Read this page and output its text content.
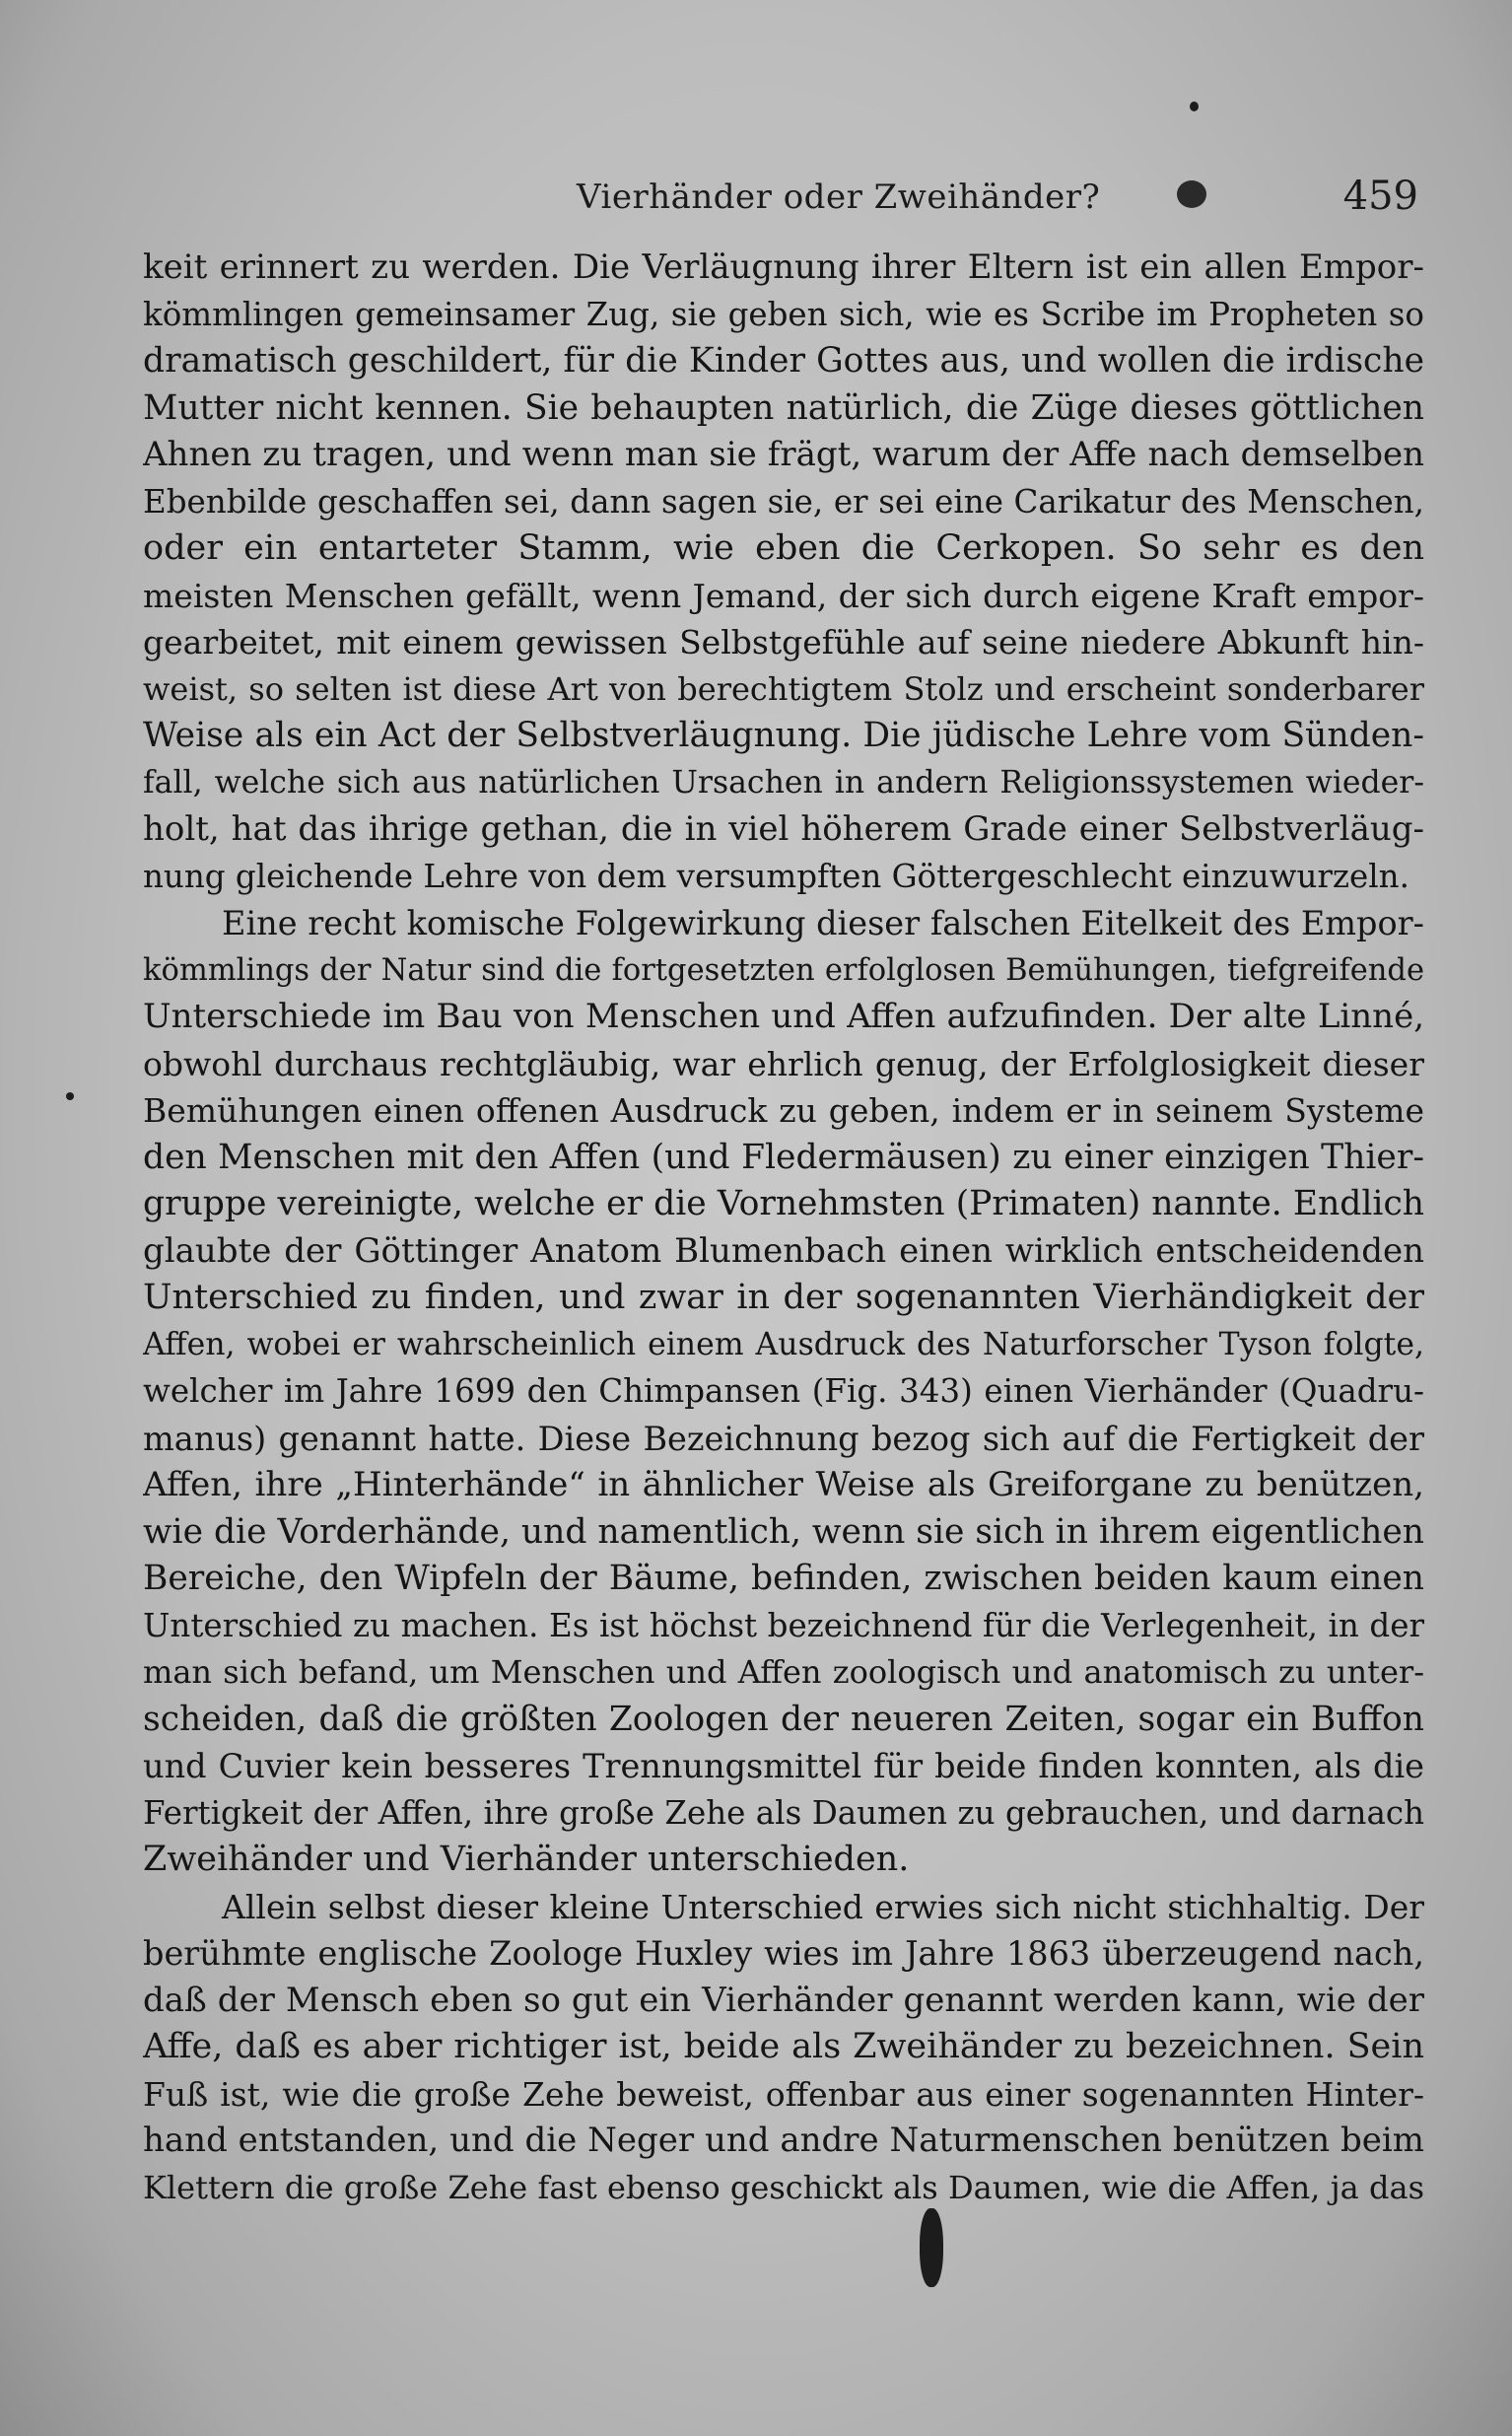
Vierhänder oder Zweihänder?	459
keit erinnert zu werden. Die Verläugnung ihrer Eltern ist ein allen Empor-
kömmlingen gemeinsamer Zug, sie geben sich, wie es Scribe im Propheten so
dramatisch geschildert, für die Kinder Gottes aus, und wollen die irdische
Mutter nicht kennen. Sie behaupten natürlich, die Züge dieses göttlichen
Ahnen zu tragen, und wenn man sie frägt, warum der Affe nach demselben
Ebenbilde geschaffen sei, dann sagen sie, er sei eine Carikatur des Menschen,
oder ein entarteter Stamm, wie eben die Cerkopen. So sehr es den
meisten Menschen gefällt, wenn Jemand, der sich durch eigene Kraft empor-
gearbeitet, mit einem gewissen Selbstgefühle auf seine niedere Abkunft hin-
weist, so selten ist diese Art von berechtigtem Stolz und erscheint sonderbarer
Weise als ein Act der Selbstverläugnung. Die jüdische Lehre vom Sünden-
fall, welche sich aus natürlichen Ursachen in andern Religionssystemen wieder-
holt, hat das ihrige gethan, die in viel höherem Grade einer Selbstverläug-
nung gleichende Lehre von dem versumpften Göttergeschlecht einzuwurzeln.
Eine recht komische Folgewirkung dieser falschen Eitelkeit des Empor-
kömmlings der Natur sind die fortgesetzten erfolglosen Bemühungen, tiefgreifende
Unterschiede im Bau von Menschen und Affen aufzufinden. Der alte Linné,
obwohl durchaus rechtgläubig, war ehrlich genug, der Erfolglosigkeit dieser
Bemühungen einen offenen Ausdruck zu geben, indem er in seinem Systeme
den Menschen mit den Affen (und Fledermäusen) zu einer einzigen Thier-
gruppe vereinigte, welche er die Vornehmsten (Primaten) nannte. Endlich
glaubte der Göttinger Anatom Blumenbach einen wirklich entscheidenden
Unterschied zu finden, und zwar in der sogenannten Vierhändigkeit der
Affen, wobei er wahrscheinlich einem Ausdruck des Naturforscher Tyson folgte,
welcher im Jahre 1699 den Chimpansen (Fig. 343) einen Vierhänder (Quadru-
manus) genannt hatte. Diese Bezeichnung bezog sich auf die Fertigkeit der
Affen, ihre „Hinterhände“ in ähnlicher Weise als Greiforgane zu benützen,
wie die Vorderhände, und namentlich, wenn sie sich in ihrem eigentlichen
Bereiche, den Wipfeln der Bäume, befinden, zwischen beiden kaum einen
Unterschied zu machen. Es ist höchst bezeichnend für die Verlegenheit, in der
man sich befand, um Menschen und Affen zoologisch und anatomisch zu unter-
scheiden, daß die größten Zoologen der neueren Zeiten, sogar ein Buffon
und Cuvier kein besseres Trennungsmittel für beide finden konnten, als die
Fertigkeit der Affen, ihre große Zehe als Daumen zu gebrauchen, und darnach
Zweihänder und Vierhänder unterschieden.
Allein selbst dieser kleine Unterschied erwies sich nicht stichhaltig. Der
berühmte englische Zoologe Huxley wies im Jahre 1863 überzeugend nach,
daß der Mensch eben so gut ein Vierhänder genannt werden kann, wie der
Affe, daß es aber richtiger ist, beide als Zweihänder zu bezeichnen. Sein
Fuß ist, wie die große Zehe beweist, offenbar aus einer sogenannten Hinter-
hand entstanden, und die Neger und andre Naturmenschen benützen beim
Klettern die große Zehe fast ebenso geschickt als Daumen, wie die Affen, ja das
